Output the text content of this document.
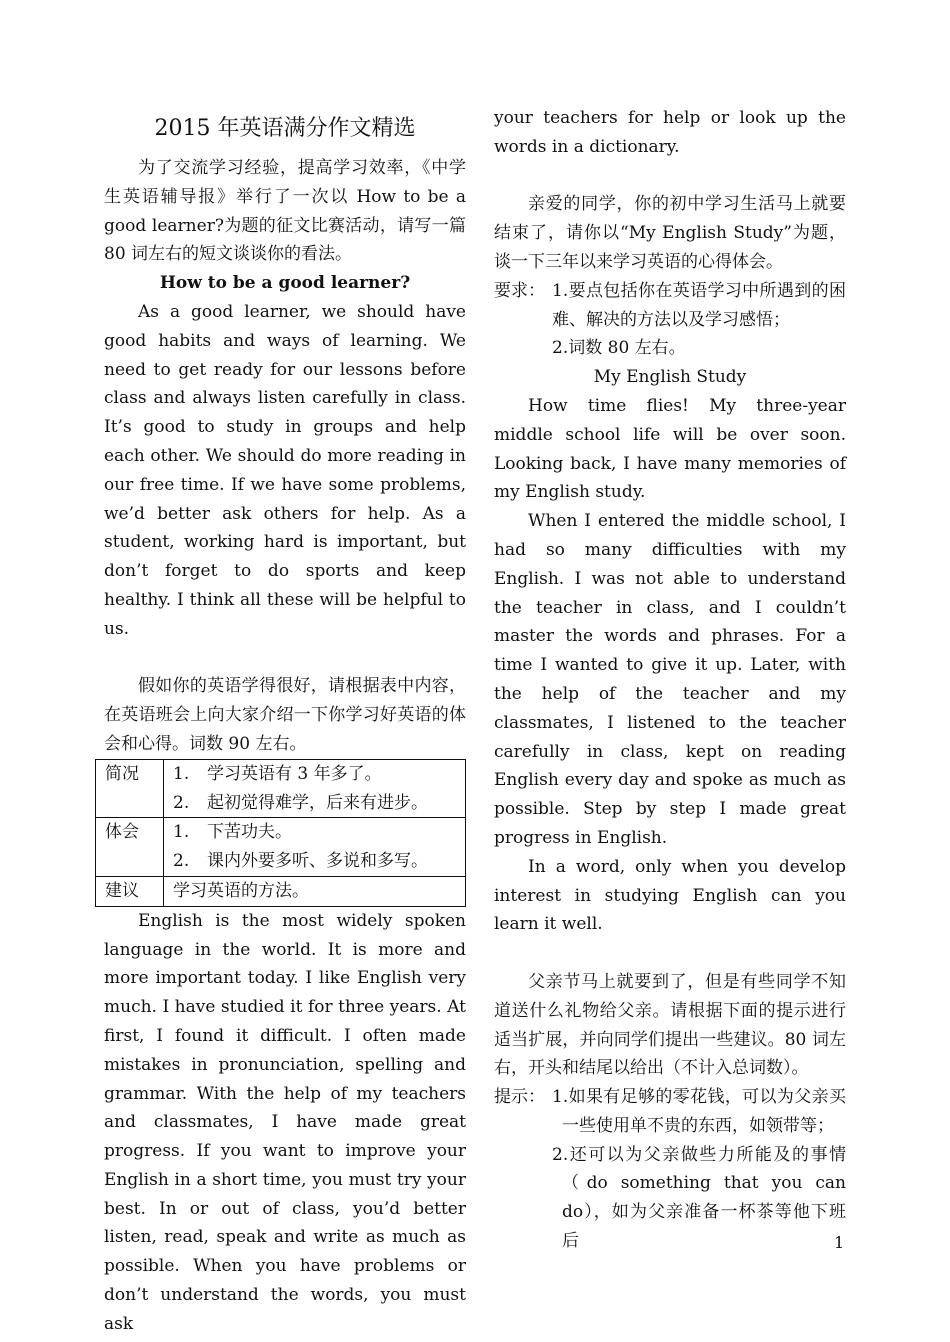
2015 年英语满分作文精选

为了交流学习经验，提高学习效率，《中学生英语辅导报》举行了一次以 How to be a good learner?为题的征文比赛活动，请写一篇 80 词左右的短文谈谈你的看法。

How to be a good learner?

As a good learner, we should have good habits and ways of learning. We need to get ready for our lessons before class and always listen carefully in class. It’s good to study in groups and help each other. We should do more reading in our free time. If we have some problems, we’d better ask others for help. As a student, working hard is important, but don’t forget to do sports and keep healthy. I think all these will be helpful to us.

假如你的英语学得很好，请根据表中内容，在英语班会上向大家介绍一下你学习好英语的体会和心得。词数 90 左右。

简况	1. 学习英语有 3 年多了。
2. 起初觉得难学，后来有进步。

体会	1. 下苦功夫。
2. 课内外要多听、多说和多写。

建议	学习英语的方法。

English is the most widely spoken language in the world. It is more and more important today. I like English very much. I have studied it for three years. At first, I found it difficult. I often made mistakes in pronunciation, spelling and grammar. With the help of my teachers and classmates, I have made great progress. If you want to improve your English in a short time, you must try your best. In or out of class, you’d better listen, read, speak and write as much as possible. When you have problems or don’t understand the words, you must ask

your teachers for help or look up the words in a dictionary.

亲爱的同学，你的初中学习生活马上就要结束了，请你以“My English Study”为题，谈一下三年以来学习英语的心得体会。

要求： 1.要点包括你在英语学习中所遇到的困难、解决的方法以及学习感悟；

2.词数 80 左右。

My English Study

How time flies! My three-year middle school life will be over soon. Looking back, I have many memories of my English study.

When I entered the middle school, I had so many difficulties with my English. I was not able to understand the teacher in class, and I couldn’t master the words and phrases. For a time I wanted to give it up. Later, with the help of the teacher and my classmates, I listened to the teacher carefully in class, kept on reading English every day and spoke as much as possible. Step by step I made great progress in English.

In a word, only when you develop interest in studying English can you learn it well.

父亲节马上就要到了，但是有些同学不知道送什么礼物给父亲。请根据下面的提示进行适当扩展，并向同学们提出一些建议。80 词左右，开头和结尾以给出（不计入总词数）。

提示： 1.如果有足够的零花钱，可以为父亲买一些使用单不贵的东西，如领带等；

2.还可以为父亲做些力所能及的事情（do something that you can do），如为父亲准备一杯茶等他下班后	1
